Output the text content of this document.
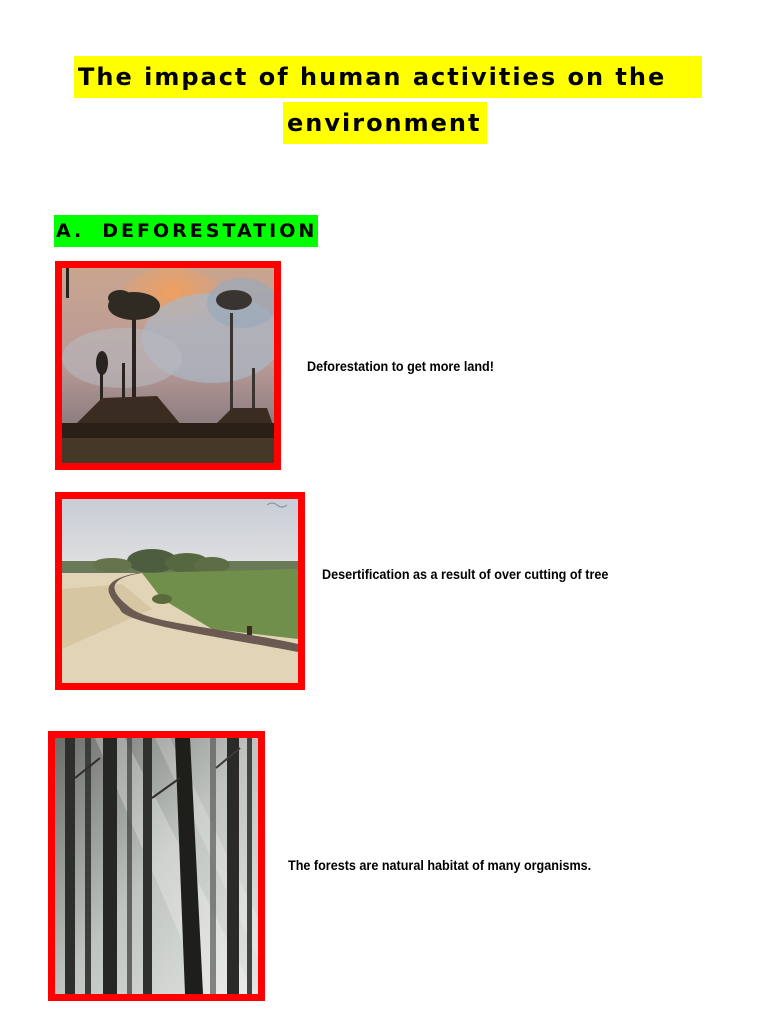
The impact of human activities on the
environment
A. DEFORESTATION
Deforestation to get more land!
Desertification as a result of over cutting of tree
The forests are natural habitat of many organisms.
